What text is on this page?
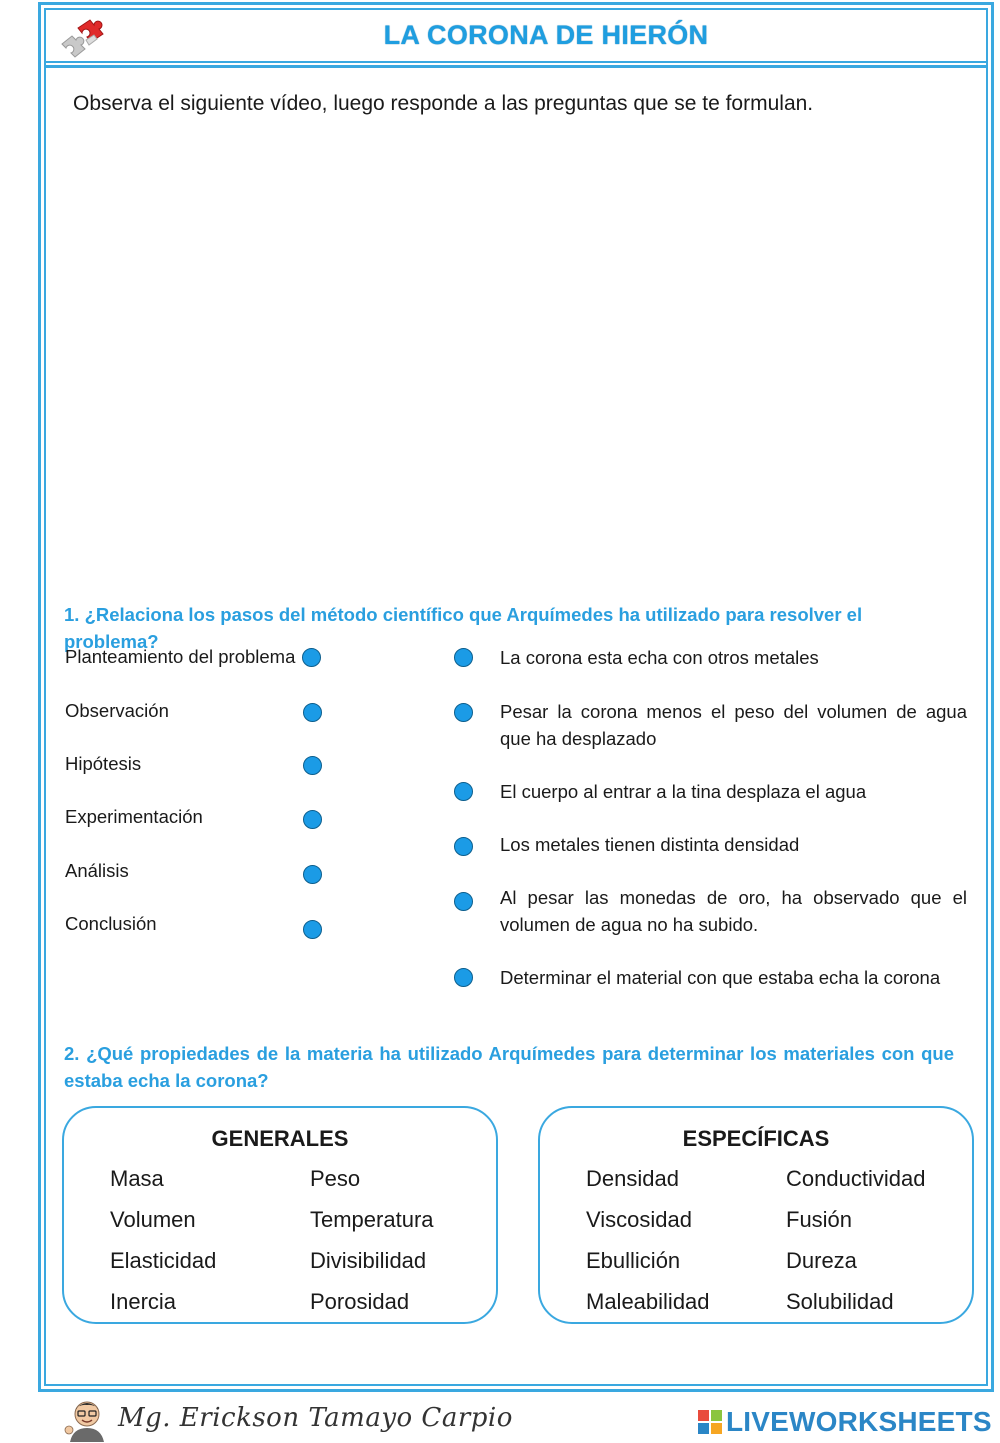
LA CORONA DE HIERÓN
Observa el siguiente vídeo, luego responde a las preguntas que se te formulan.
1. ¿Relaciona los pasos del método científico que Arquímedes ha utilizado para resolver el problema?
Planteamiento del problema
Observación
Hipótesis
Experimentación
Análisis
Conclusión
La corona esta echa con otros metales
Pesar la corona menos el peso del volumen de agua que ha desplazado
El cuerpo al entrar a la tina desplaza el agua
Los metales tienen distinta densidad
Al pesar las monedas de oro, ha observado que el volumen de agua no ha subido.
Determinar el material con que estaba echa la corona
2. ¿Qué propiedades de la materia ha utilizado Arquímedes para determinar los materiales con que estaba echa la corona?
GENERALES
Masa	Peso
Volumen	Temperatura
Elasticidad	Divisibilidad
Inercia	Porosidad
ESPECÍFICAS
Densidad	Conductividad
Viscosidad	Fusión
Ebullición	Dureza
Maleabilidad	Solubilidad
Mg. Erickson Tamayo Carpio	LIVEWORKSHEETS
